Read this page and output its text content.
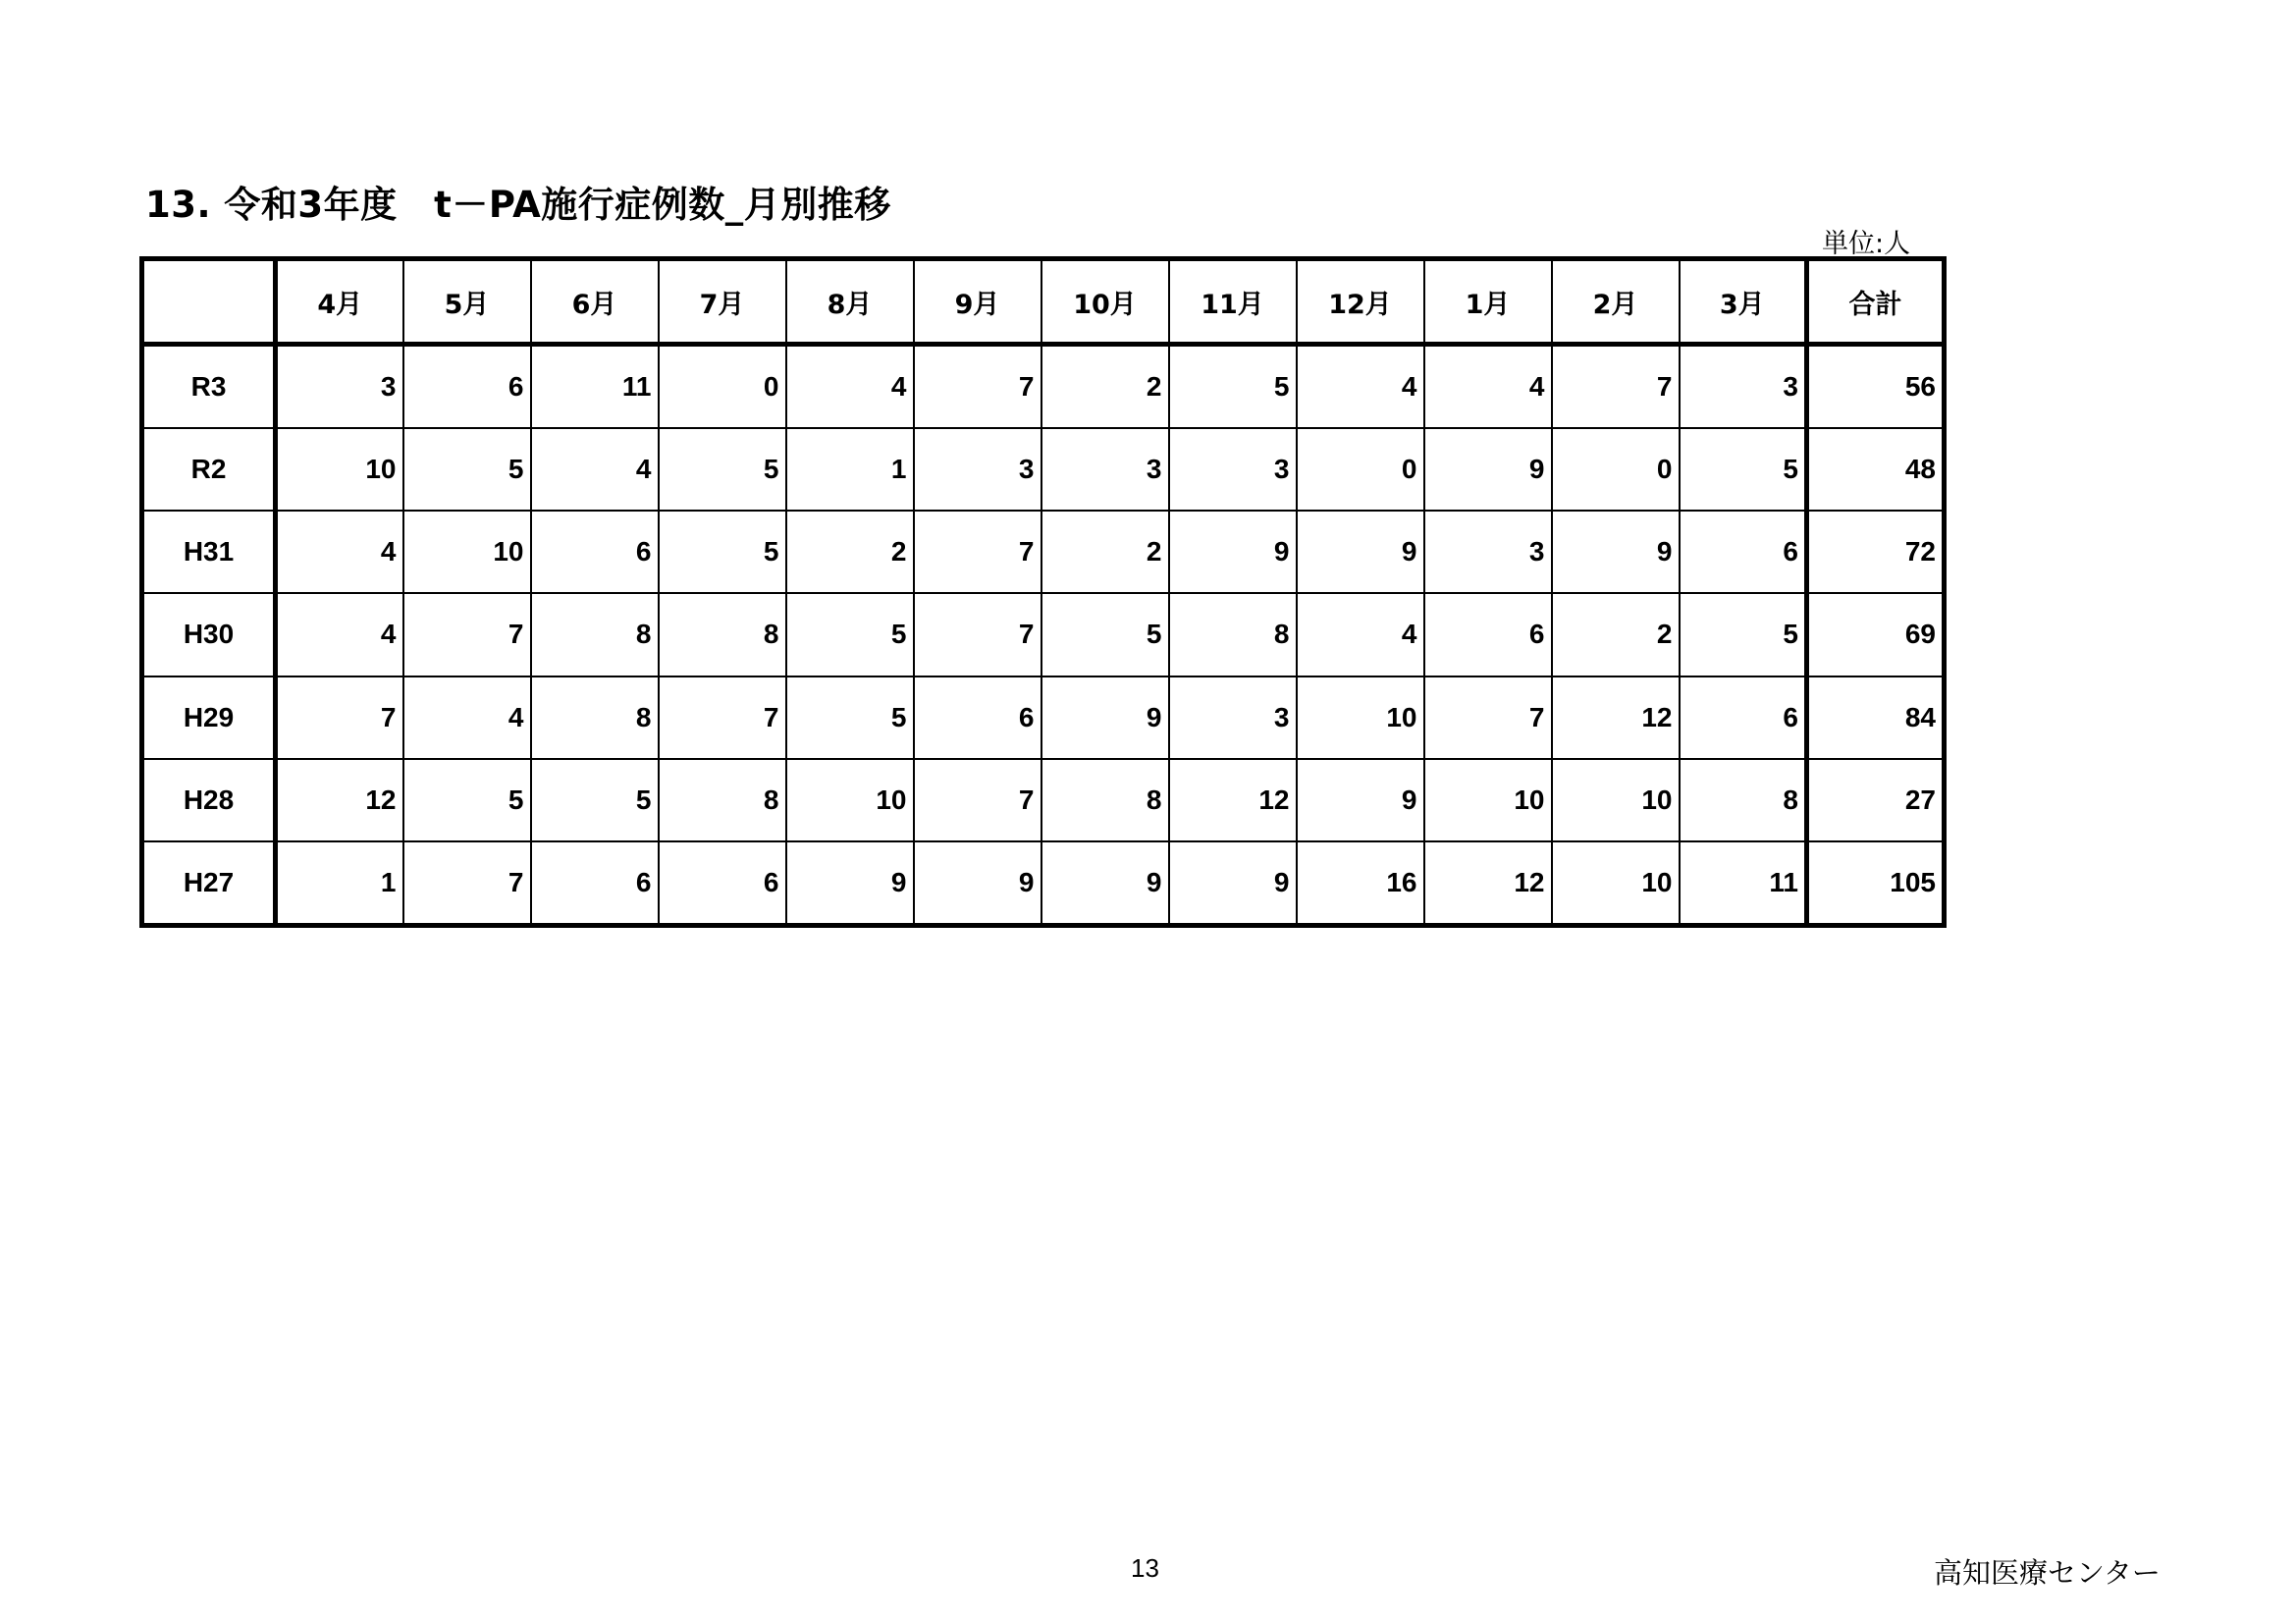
13. 令和3年度　t－PA施行症例数_月別推移
単位:人
	4月	5月	6月	7月	8月	9月	10月	11月	12月	1月	2月	3月	合計
R3	3	6	11	0	4	7	2	5	4	4	7	3	56
R2	10	5	4	5	1	3	3	3	0	9	0	5	48
H31	4	10	6	5	2	7	2	9	9	3	9	6	72
H30	4	7	8	8	5	7	5	8	4	6	2	5	69
H29	7	4	8	7	5	6	9	3	10	7	12	6	84
H28	12	5	5	8	10	7	8	12	9	10	10	8	27
H27	1	7	6	6	9	9	9	9	16	12	10	11	105
13	高知医療センター
